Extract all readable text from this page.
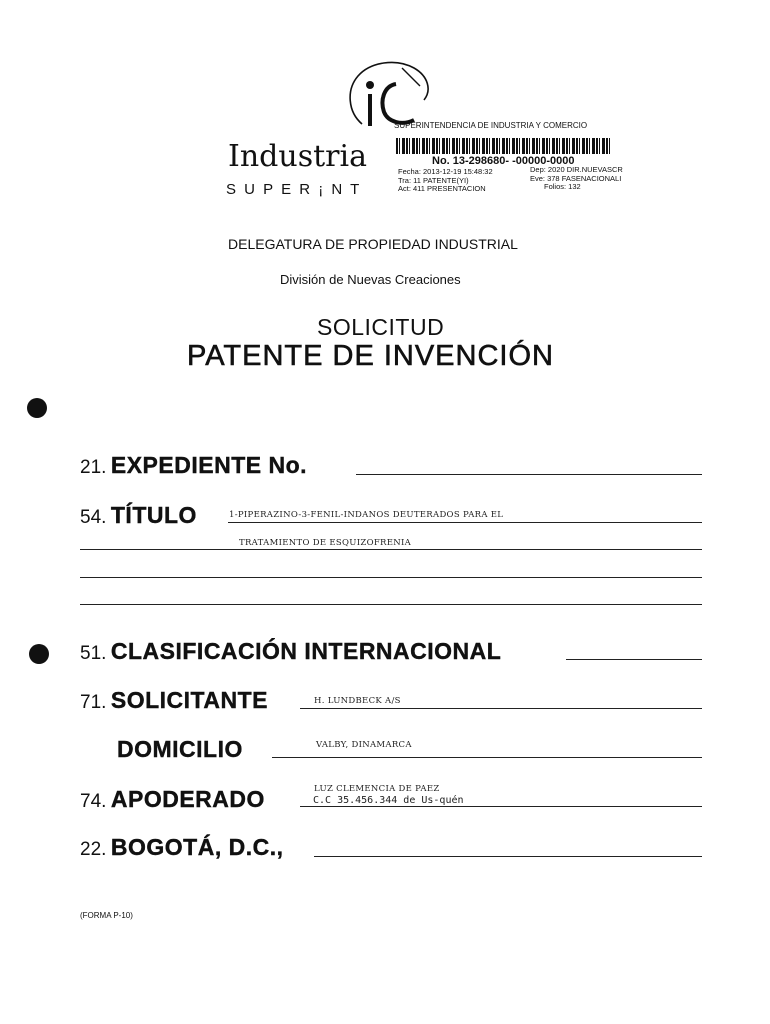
Industria
S U P E R ¡ N T
SUPERINTENDENCIA DE INDUSTRIA Y COMERCIO
No. 13-298680- -00000-0000
Fecha: 2013-12-19 15:48:32
Tra: 11 PATENTE(YI)
Act: 411 PRESENTACION
Dep: 2020 DIR.NUEVASCR
Eve: 378 FASENACIONALI
Folios: 132
DELEGATURA DE PROPIEDAD INDUSTRIAL
División de Nuevas Creaciones
SOLICITUD
PATENTE DE INVENCIÓN
21. EXPEDIENTE No.
54. TÍTULO	1-PIPERAZINO-3-FENIL-INDANOS DEUTERADOS PARA EL
TRATAMIENTO DE ESQUIZOFRENIA
51. CLASIFICACIÓN INTERNACIONAL
71. SOLICITANTE	H. LUNDBECK A/S
DOMICILIO	VALBY, DINAMARCA
74. APODERADO	LUZ CLEMENCIA DE PAEZ
C.C 35.456.344 de Us-quén
22. BOGOTÁ, D.C.,
(FORMA P-10)
